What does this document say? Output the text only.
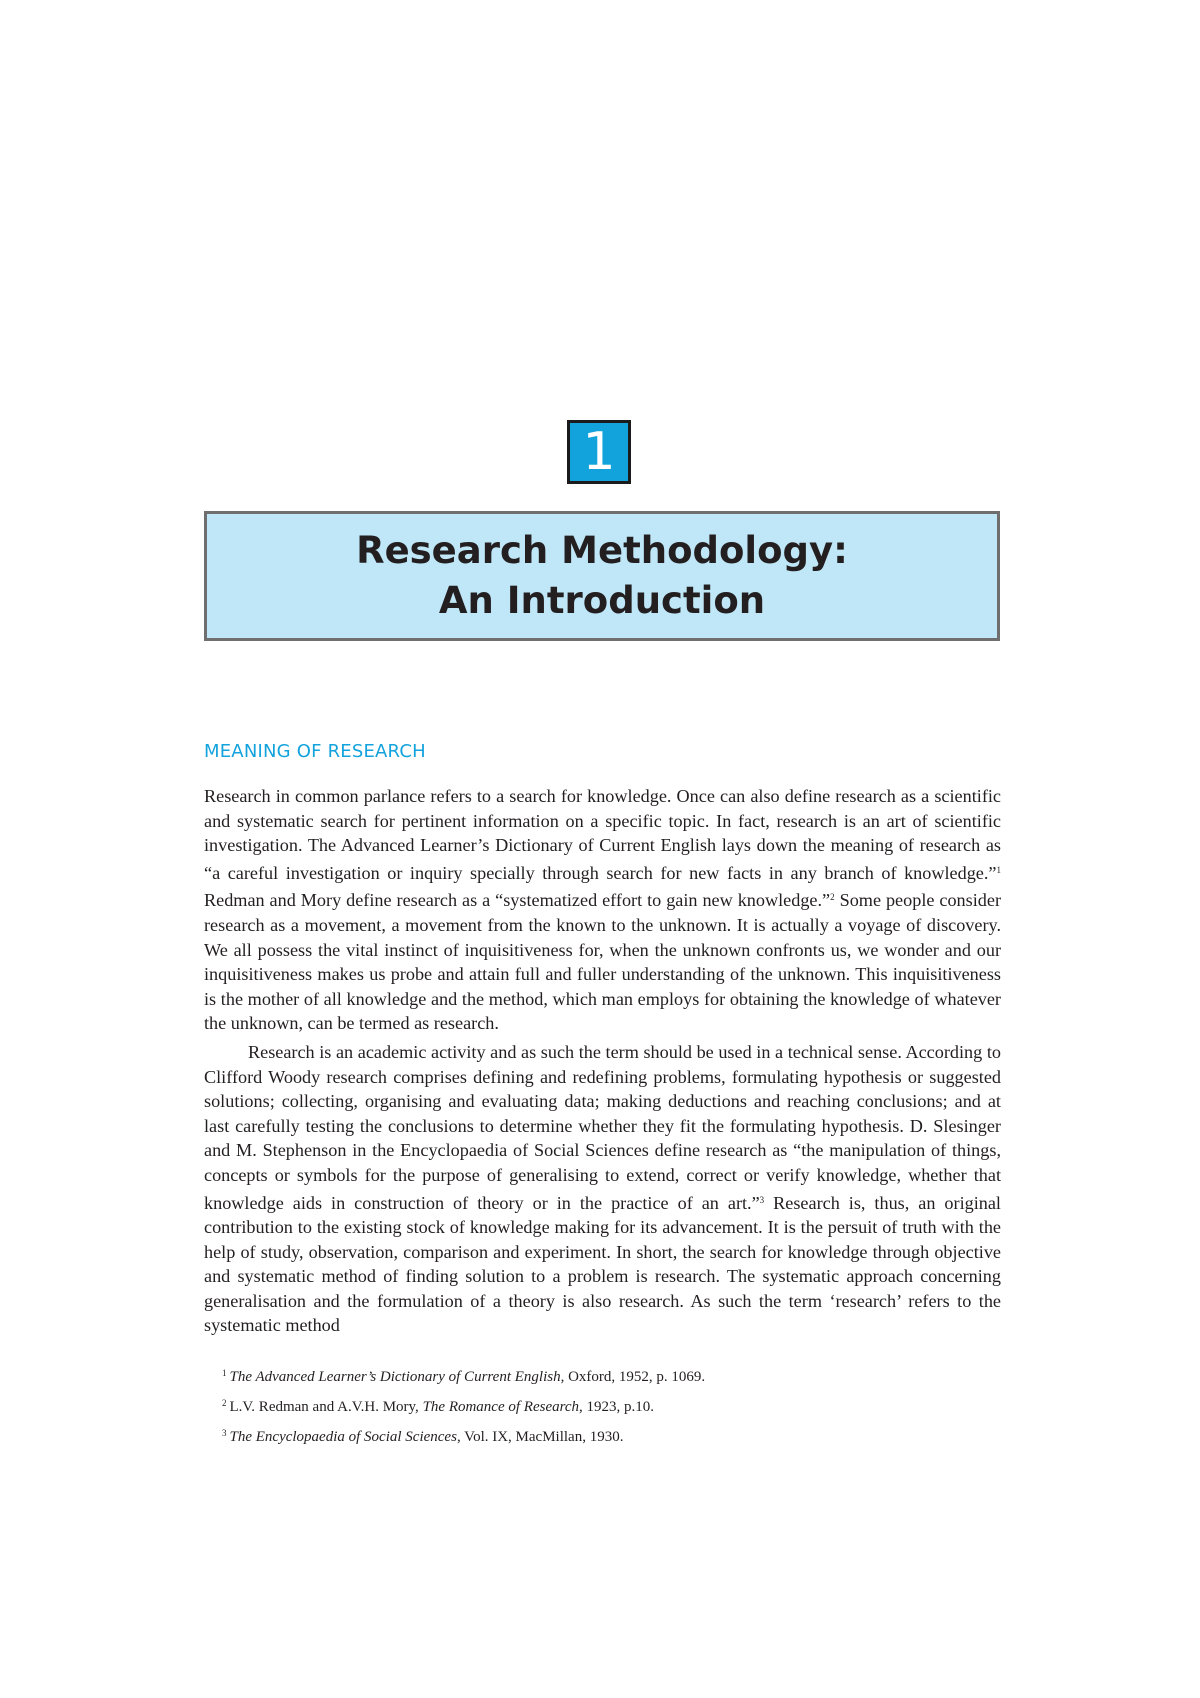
1
Research Methodology:
An Introduction
MEANING OF RESEARCH

Research in common parlance refers to a search for knowledge. Once can also define research as a scientific and systematic search for pertinent information on a specific topic. In fact, research is an art of scientific investigation. The Advanced Learner’s Dictionary of Current English lays down the meaning of research as “a careful investigation or inquiry specially through search for new facts in any branch of knowledge.”$^1$ Redman and Mory define research as a “systematized effort to gain new knowledge.”$^2$ Some people consider research as a movement, a movement from the known to the unknown. It is actually a voyage of discovery. We all possess the vital instinct of inquisitiveness for, when the unknown confronts us, we wonder and our inquisitiveness makes us probe and attain full and fuller understanding of the unknown. This inquisitiveness is the mother of all knowledge and the method, which man employs for obtaining the knowledge of whatever the unknown, can be termed as research.

Research is an academic activity and as such the term should be used in a technical sense. According to Clifford Woody research comprises defining and redefining problems, formulating hypothesis or suggested solutions; collecting, organising and evaluating data; making deductions and reaching conclusions; and at last carefully testing the conclusions to determine whether they fit the formulating hypothesis. D. Slesinger and M. Stephenson in the Encyclopaedia of Social Sciences define research as “the manipulation of things, concepts or symbols for the purpose of generalising to extend, correct or verify knowledge, whether that knowledge aids in construction of theory or in the practice of an art.”$^3$ Research is, thus, an original contribution to the existing stock of knowledge making for its advancement. It is the persuit of truth with the help of study, observation, comparison and experiment. In short, the search for knowledge through objective and systematic method of finding solution to a problem is research. The systematic approach concerning generalisation and the formulation of a theory is also research. As such the term ‘research’ refers to the systematic method

$^1$ The Advanced Learner’s Dictionary of Current English, Oxford, 1952, p. 1069.
$^2$ L.V. Redman and A.V.H. Mory, The Romance of Research, 1923, p.10.
$^3$ The Encyclopaedia of Social Sciences, Vol. IX, MacMillan, 1930.
